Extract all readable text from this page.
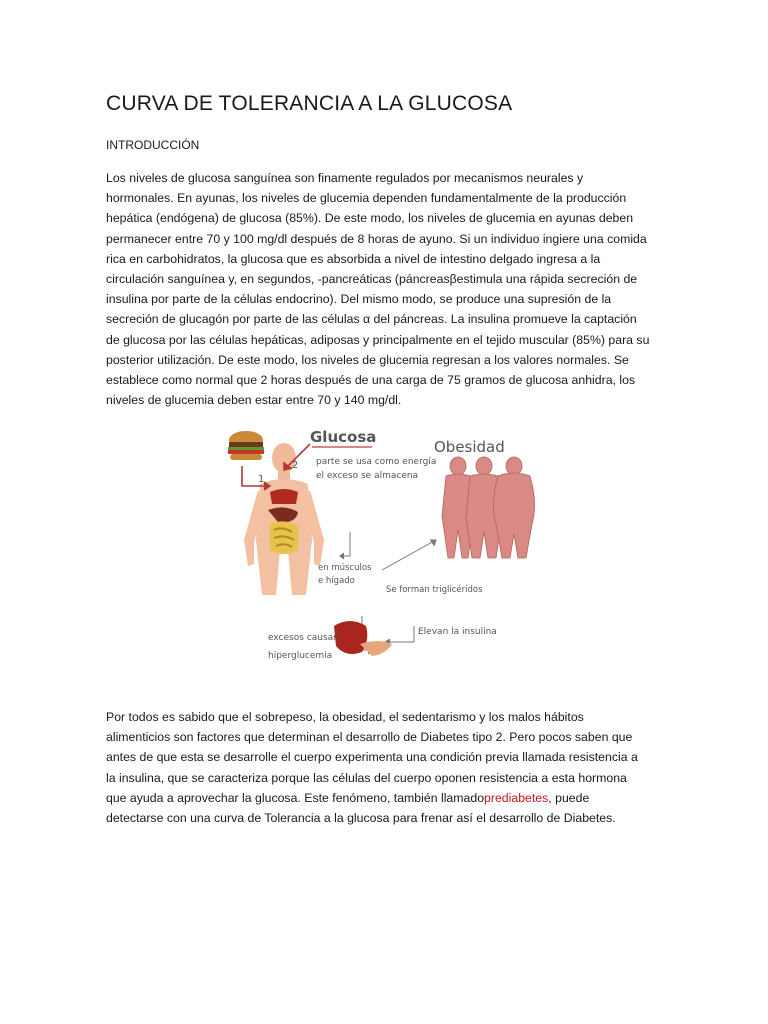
CURVA DE TOLERANCIA A LA GLUCOSA

INTRODUCCIÓN

Los niveles de glucosa sanguínea son finamente regulados por mecanismos neurales y
hormonales. En ayunas, los niveles de glucemia dependen fundamentalmente de la producción
hepática (endógena) de glucosa (85%). De este modo, los niveles de glucemia en ayunas deben
permanecer entre 70 y 100 mg/dl después de 8 horas de ayuno. Si un individuo ingiere una comida
rica en carbohidratos, la glucosa que es absorbida a nivel de intestino delgado ingresa a la
circulación sanguínea y, en segundos, -pancreáticas (páncreasβestimula una rápida secreción de
insulina por parte de la células endocrino). Del mismo modo, se produce una supresión de la
secreción de glucagón por parte de las células α del páncreas. La insulina promueve la captación
de glucosa por las células hepáticas, adiposas y principalmente en el tejido muscular (85%) para su
posterior utilización. De este modo, los niveles de glucemia regresan a los valores normales. Se
establece como normal que 2 horas después de una carga de 75 gramos de glucosa anhidra, los
niveles de glucemia deben estar entre 70 y 140 mg/dl.

1
2
Glucosa
parte se usa como energía
el exceso se almacena
en músculos
e hígado
Obesidad
Se forman triglicéridos
Elevan la insulina
excesos causan
hiperglucemia

Por todos es sabido que el sobrepeso, la obesidad, el sedentarismo y los malos hábitos
alimenticios son factores que determinan el desarrollo de Diabetes tipo 2. Pero pocos saben que
antes de que esta se desarrolle el cuerpo experimenta una condición previa llamada resistencia a
la insulina, que se caracteriza porque las células del cuerpo oponen resistencia a esta hormona
que ayuda a aprovechar la glucosa. Este fenómeno, también llamadoprediabetes, puede
detectarse con una curva de Tolerancia a la glucosa para frenar así el desarrollo de Diabetes.
